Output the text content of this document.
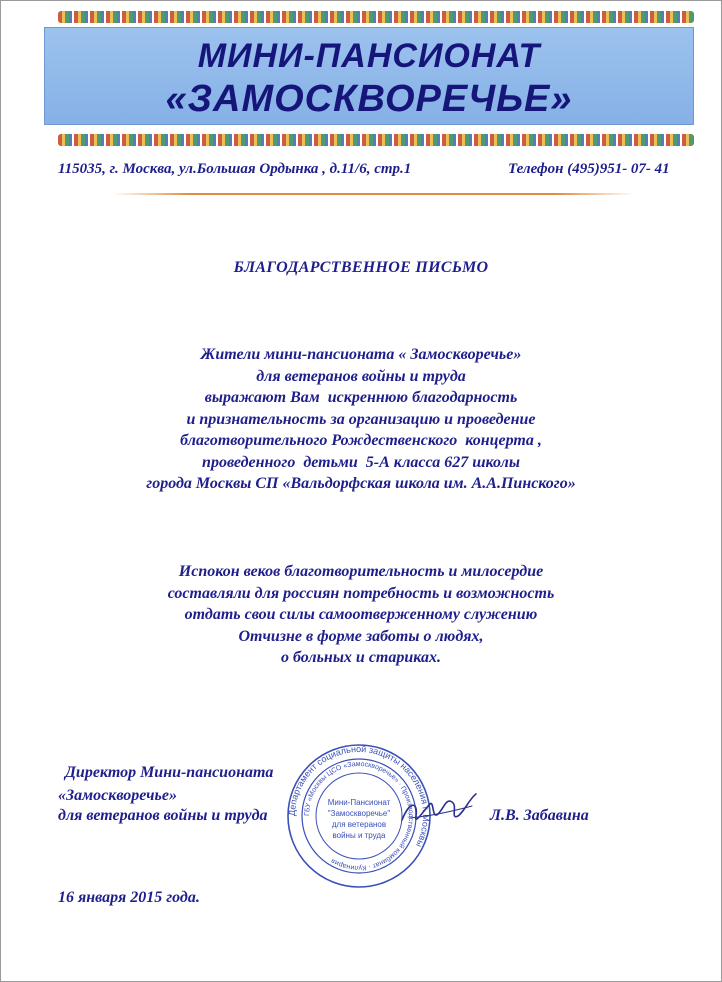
МИНИ-ПАНСИОНАТ
«ЗАМОСКВОРЕЧЬЕ»
115035, г. Москва, ул.Большая Ордынка , д.11/6, стр.1	Телефон (495)951- 07- 41
БЛАГОДАРСТВЕННОЕ ПИСЬМО
Жители мини-пансионата « Замоскворечье»
для ветеранов войны и труда
выражают Вам  искреннюю благодарность
и признательность за организацию и проведение
благотворительного Рождественского  концерта ,
проведенного  детьми  5-А класса 627 школы
города Москвы СП «Вальдорфская школа им. А.А.Пинского»
Испокон веков благотворительность и милосердие
составляли для россиян потребность и возможность
отдать свои силы самоотверженному служению
Отчизне в форме заботы о людях,
о больных и стариках.
Департамент социальной защиты населения г. Москвы
ГБУ «Москвы ЦСО «Замоскворечье» · Производственный комбинат · Кулинария
Мини-Пансионат
"Замоскворечье"
для ветеранов
войны и труда
Директор Мини-пансионата
«Замоскворечье»
для ветеранов войны и труда	Л.В. Забавина
16 января 2015 года.
